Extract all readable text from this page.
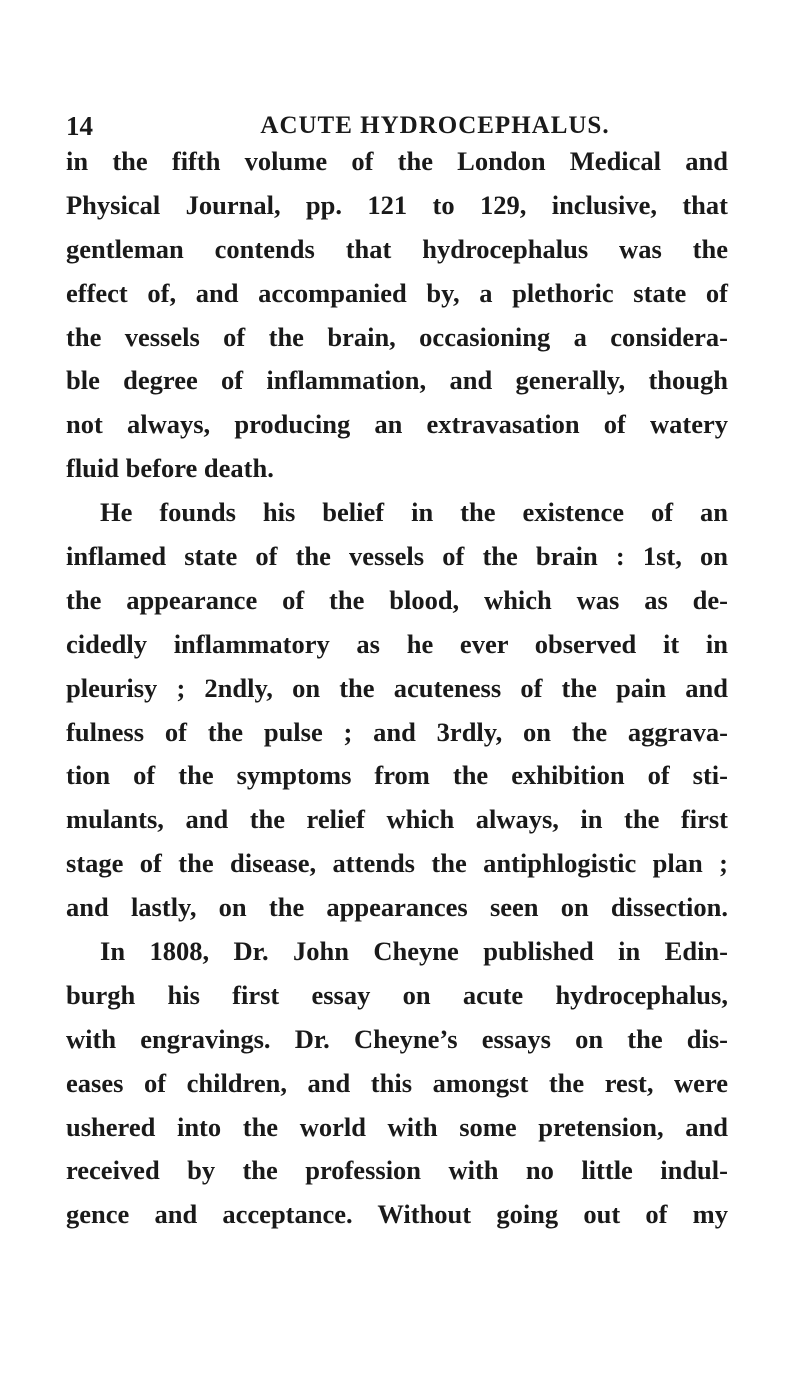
14	ACUTE HYDROCEPHALUS.
in the fifth volume of the London Medical and
Physical Journal, pp. 121 to 129, inclusive, that
gentleman contends that hydrocephalus was the
effect of, and accompanied by, a plethoric state of
the vessels of the brain, occasioning a considera-
ble degree of inflammation, and generally, though
not always, producing an extravasation of watery
fluid before death.
He founds his belief in the existence of an
inflamed state of the vessels of the brain : 1st, on
the appearance of the blood, which was as de-
cidedly inflammatory as he ever observed it in
pleurisy ; 2ndly, on the acuteness of the pain and
fulness of the pulse ; and 3rdly, on the aggrava-
tion of the symptoms from the exhibition of sti-
mulants, and the relief which always, in the first
stage of the disease, attends the antiphlogistic plan ;
and lastly, on the appearances seen on dissection.
In 1808, Dr. John Cheyne published in Edin-
burgh his first essay on acute hydrocephalus,
with engravings. Dr. Cheyne’s essays on the dis-
eases of children, and this amongst the rest, were
ushered into the world with some pretension, and
received by the profession with no little indul-
gence and acceptance. Without going out of my
